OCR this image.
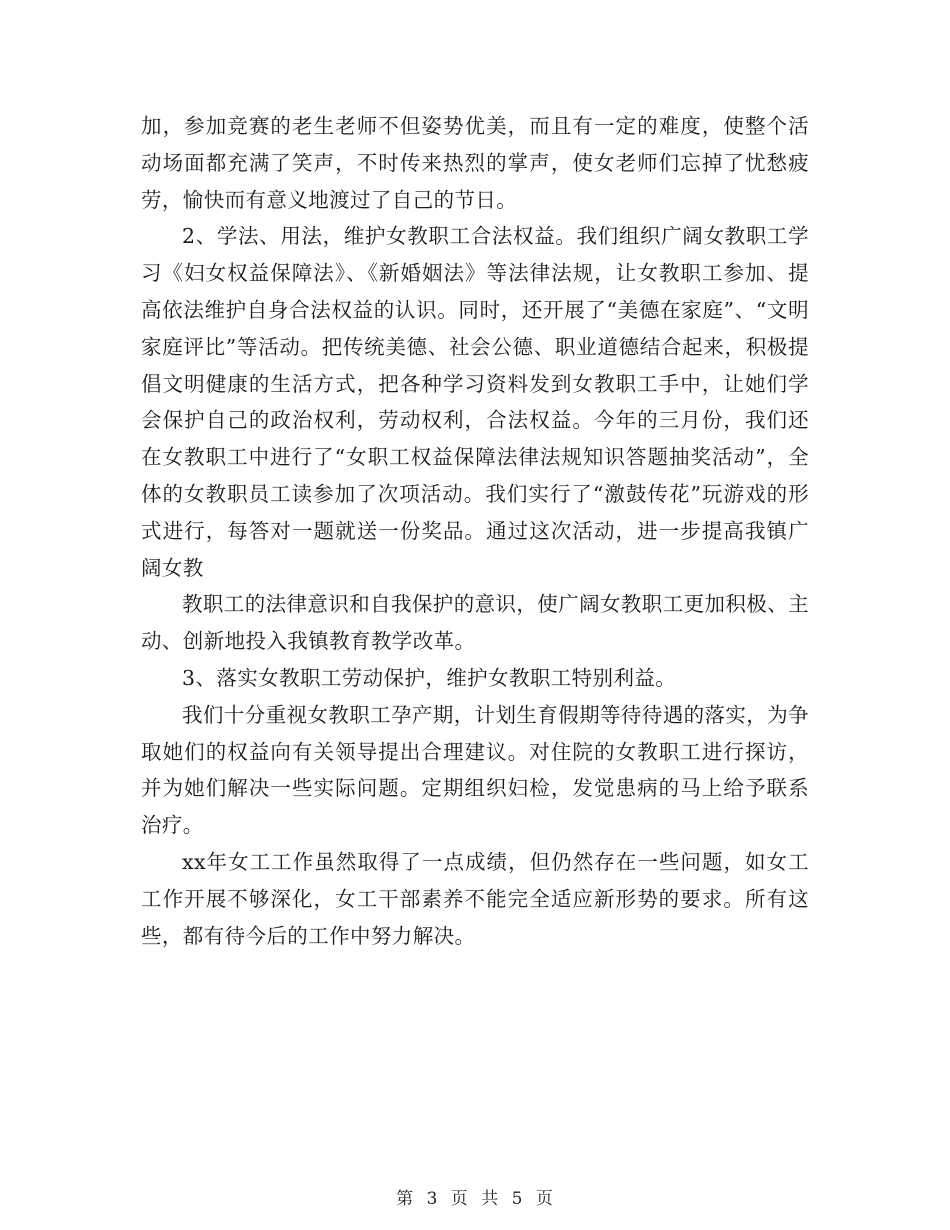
加，参加竞赛的老生老师不但姿势优美，而且有一定的难度，使整个活动场面都充满了笑声，不时传来热烈的掌声，使女老师们忘掉了忧愁疲劳，愉快而有意义地渡过了自己的节日。

2、学法、用法，维护女教职工合法权益。我们组织广阔女教职工学习《妇女权益保障法》、《新婚姻法》等法律法规，让女教职工参加、提高依法维护自身合法权益的认识。同时，还开展了“美德在家庭”、“文明家庭评比”等活动。把传统美德、社会公德、职业道德结合起来，积极提倡文明健康的生活方式，把各种学习资料发到女教职工手中，让她们学会保护自己的政治权利，劳动权利，合法权益。今年的三月份，我们还在女教职工中进行了“女职工权益保障法律法规知识答题抽奖活动”，全体的女教职员工读参加了次项活动。我们实行了“激鼓传花”玩游戏的形式进行，每答对一题就送一份奖品。通过这次活动，进一步提高我镇广阔女教

教职工的法律意识和自我保护的意识，使广阔女教职工更加积极、主动、创新地投入我镇教育教学改革。

3、落实女教职工劳动保护，维护女教职工特别利益。

我们十分重视女教职工孕产期，计划生育假期等待待遇的落实，为争取她们的权益向有关领导提出合理建议。对住院的女教职工进行探访，并为她们解决一些实际问题。定期组织妇检，发觉患病的马上给予联系治疗。

xx年女工工作虽然取得了一点成绩，但仍然存在一些问题，如女工工作开展不够深化，女工干部素养不能完全适应新形势的要求。所有这些，都有待今后的工作中努力解决。

第 3 页 共 5 页
